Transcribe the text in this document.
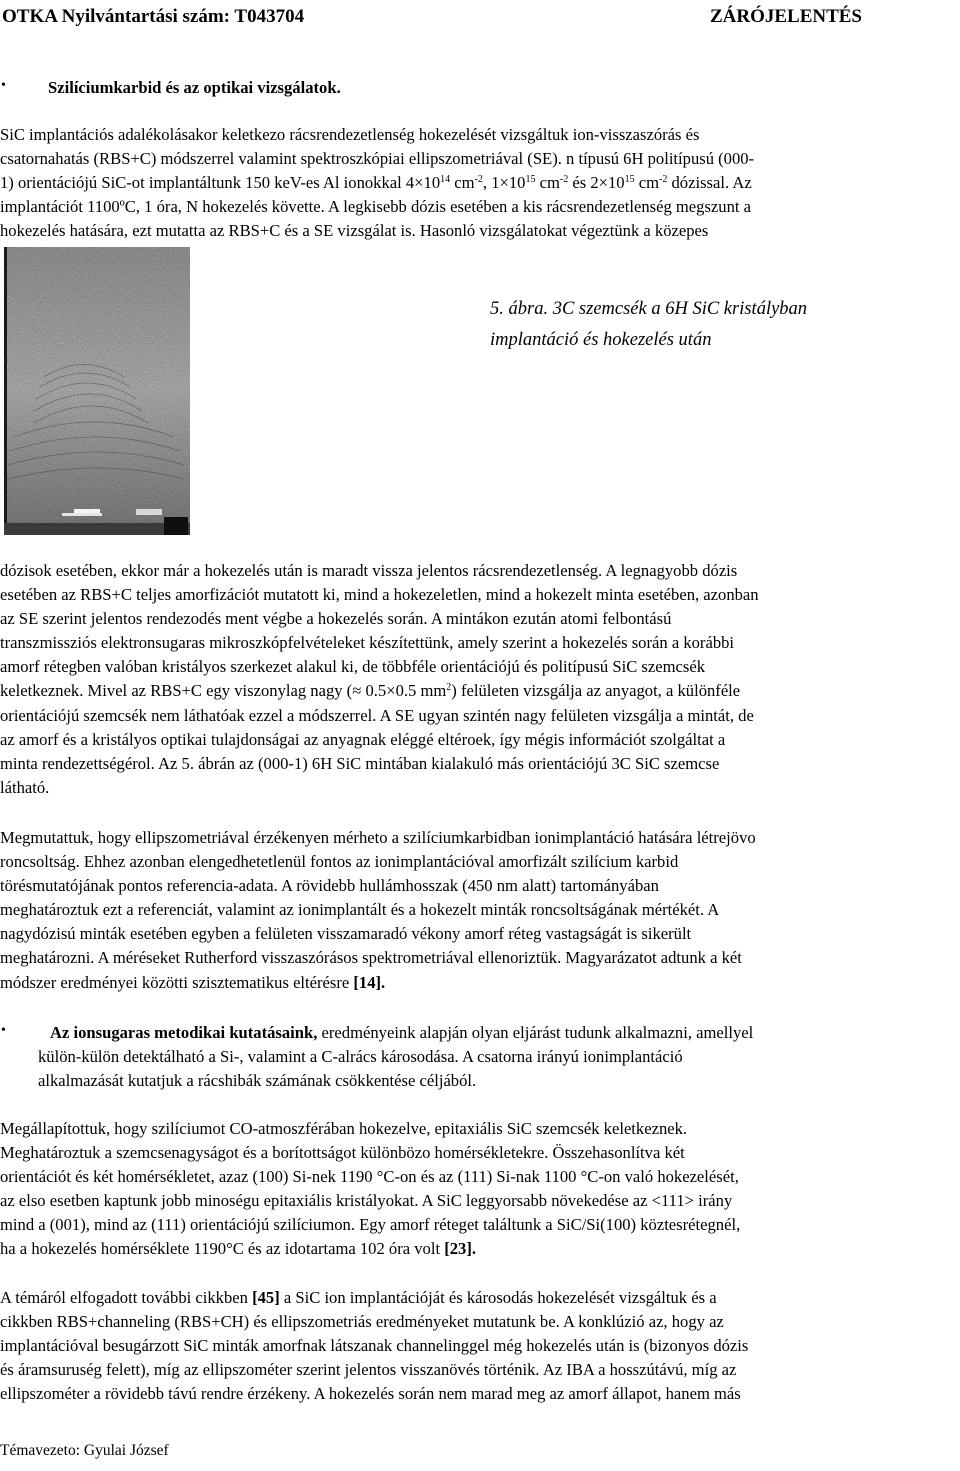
OTKA Nyilvántartási szám: T043704	ZÁRÓJELENTÉS
•	Szilíciumkarbid és az optikai vizsgálatok.
SiC implantációs adalékolásakor keletkezo rácsrendezetlenség hokezelését vizsgáltuk ion-visszaszórás és
csatornahatás (RBS+C) módszerrel valamint spektroszkópiai ellipszometriával (SE). n típusú 6H politípusú (000-
1) orientációjú SiC-ot implantáltunk 150 keV-es Al ionokkal $4\times 10^{14}$ $cm^{-2}$, $1\times 10^{15}$ $cm^{-2}$ és $2\times 10^{15}$ $cm^{-2}$ dózissal. Az
implantációt 1100ºC, 1 óra, N hokezelés követte. A legkisebb dózis esetében a kis rácsrendezetlenség megszunt a
hokezelés hatására, ezt mutatta az RBS+C és a SE vizsgálat is. Hasonló vizsgálatokat végeztünk a közepes
5. ábra. 3C szemcsék a 6H SiC kristályban
implantáció és hokezelés után
dózisok esetében, ekkor már a hokezelés után is maradt vissza jelentos rácsrendezetlenség. A legnagyobb dózis
esetében az RBS+C teljes amorfizációt mutatott ki, mind a hokezeletlen, mind a hokezelt minta esetében, azonban
az SE szerint jelentos rendezodés ment végbe a hokezelés során. A mintákon ezután atomi felbontású
transzmissziós elektronsugaras mikroszkópfelvételeket készítettünk, amely szerint a hokezelés során a korábbi
amorf rétegben valóban kristályos szerkezet alakul ki, de többféle orientációjú és politípusú SiC szemcsék
keletkeznek. Mivel az RBS+C egy viszonylag nagy (≈ 0.5×0.5 $mm^2$) felületen vizsgálja az anyagot, a különféle
orientációjú szemcsék nem láthatóak ezzel a módszerrel. A SE ugyan szintén nagy felületen vizsgálja a mintát, de
az amorf és a kristályos optikai tulajdonságai az anyagnak eléggé eltéroek, így mégis információt szolgáltat a
minta rendezettségérol. Az 5. ábrán az (000-1) 6H SiC mintában kialakuló más orientációjú 3C SiC szemcse
látható.
Megmutattuk, hogy ellipszometriával érzékenyen mérheto a szilíciumkarbidban ionimplantáció hatására létrejövo
roncsoltság. Ehhez azonban elengedhetetlenül fontos az ionimplantációval amorfizált szilícium karbid
törésmutatójának pontos referencia-adata. A rövidebb hullámhosszak (450 nm alatt) tartományában
meghatároztuk ezt a referenciát, valamint az ionimplantált és a hokezelt minták roncsoltságának mértékét. A
nagydózisú minták esetében egyben a felületen visszamaradó vékony amorf réteg vastagságát is sikerült
meghatározni. A méréseket Rutherford visszaszórásos spektrometriával ellenoriztük. Magyarázatot adtunk a két
módszer eredményei közötti szisztematikus eltérésre [14].
•	Az ionsugaras metodikai kutatásaink, eredményeink alapján olyan eljárást tudunk alkalmazni, amellyel
külön-külön detektálható a Si-, valamint a C-alrács károsodása. A csatorna irányú ionimplantáció
alkalmazását kutatjuk a rácshibák számának csökkentése céljából.
Megállapítottuk, hogy szilíciumot CO-atmoszférában hokezelve, epitaxiális SiC szemcsék keletkeznek.
Meghatároztuk a szemcsenagyságot és a borítottságot különbözo homérsékletekre. Összehasonlítva két
orientációt és két homérsékletet, azaz (100) Si-nek 1190 °C-on és az (111) Si-nak 1100 °C-on való hokezelését,
az elso esetben kaptunk jobb minoségu epitaxiális kristályokat. A SiC leggyorsabb növekedése az <111> irány
mind a (001), mind az (111) orientációjú szilíciumon. Egy amorf réteget találtunk a SiC/Si(100) köztesrétegnél,
ha a hokezelés homérséklete 1190°C és az idotartama 102 óra volt [23].
A témáról elfogadott további cikkben [45] a SiC ion implantációját és károsodás hokezelését vizsgáltuk és a
cikkben RBS+channeling (RBS+CH) és ellipszometriás eredményeket mutatunk be. A konklúzió az, hogy az
implantációval besugárzott SiC minták amorfnak látszanak channelinggel még hokezelés után is (bizonyos dózis
és áramsuruség felett), míg az ellipszométer szerint jelentos visszanövés történik. Az IBA a hosszútávú, míg az
ellipszométer a rövidebb távú rendre érzékeny. A hokezelés során nem marad meg az amorf állapot, hanem más
Témavezeto: Gyulai József
